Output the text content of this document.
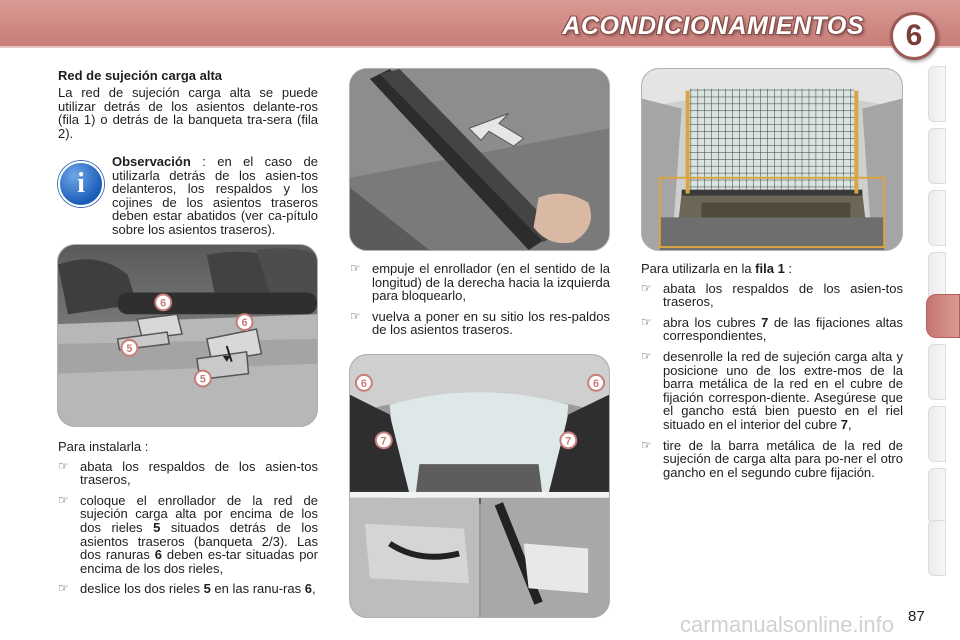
ACONDICIONAMIENTOS	6
Red de sujeción carga alta

La red de sujeción carga alta se puede utilizar detrás de los asientos delante-ros (fila 1) o detrás de la banqueta tra-sera (fila 2).

i
Observación : en el caso de utilizarla detrás de los asien-tos delanteros, los respaldos y los cojines de los asientos traseros deben estar abatidos (ver ca-pítulo sobre los asientos traseros).
6
6
5
5

Para instalarla :

☞ abata los respaldos de los asien-tos traseros,
☞ coloque el enrollador de la red de sujeción carga alta por encima de los dos rieles 5 situados detrás de los asientos traseros (banqueta 2/3). Las dos ranuras 6 deben es-tar situadas por encima de los dos rieles,
☞ deslice los dos rieles 5 en las ranu-ras 6,
☞ empuje el enrollador (en el sentido de la longitud) de la derecha hacia la izquierda para bloquearlo,
☞ vuelva a poner en su sitio los res-paldos de los asientos traseros.
6	6
7	7

Para utilizarla en la fila 1 :

☞ abata los respaldos de los asien-tos traseros,
☞ abra los cubres 7 de las fijaciones altas correspondientes,
☞ desenrolle la red de sujeción carga alta y posicione uno de los extre-mos de la barra metálica de la red en el cubre de fijación correspon-diente. Asegúrese que el gancho está bien puesto en el riel situado en el interior del cubre 7,
☞ tire de la barra metálica de la red de sujeción de carga alta para po-ner el otro gancho en el segundo cubre fijación.
87
carmanualsonline.info
